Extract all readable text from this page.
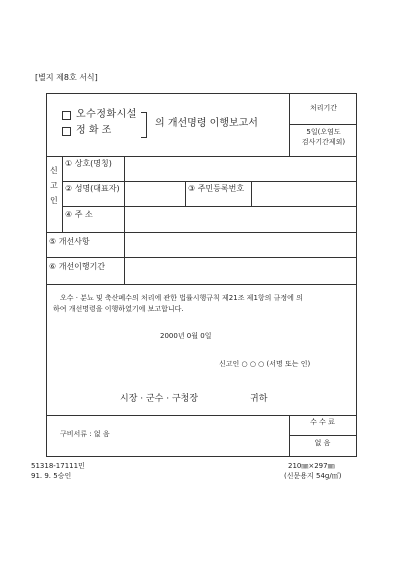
[별지 제8호 서식]
오수정화시설
정 화 조
의 개선명령 이행보고서
처리기간
5일(오염도
검사기간제외)
신
고
인
① 상호(명칭)
② 성명(대표자)	③ 주민등록번호
④ 주 소
⑤ 개선사항
⑥ 개선이행기간
오수 · 분뇨 및 축산폐수의 처리에 관한 법률시행규칙 제21조 제1항의 규정에 의
하여 개선명령을 이행하였기에 보고합니다.
2000년 0월 0일
신고인 ○ ○ ○ (서명 또는 인)
시장 · 군수 · 구청장	귀하
구비서류 : 없 음
수 수 료
없 음
51318-17111민
91. 9. 5승인
210㎜×297㎜
(신문용지 54g/㎡)
